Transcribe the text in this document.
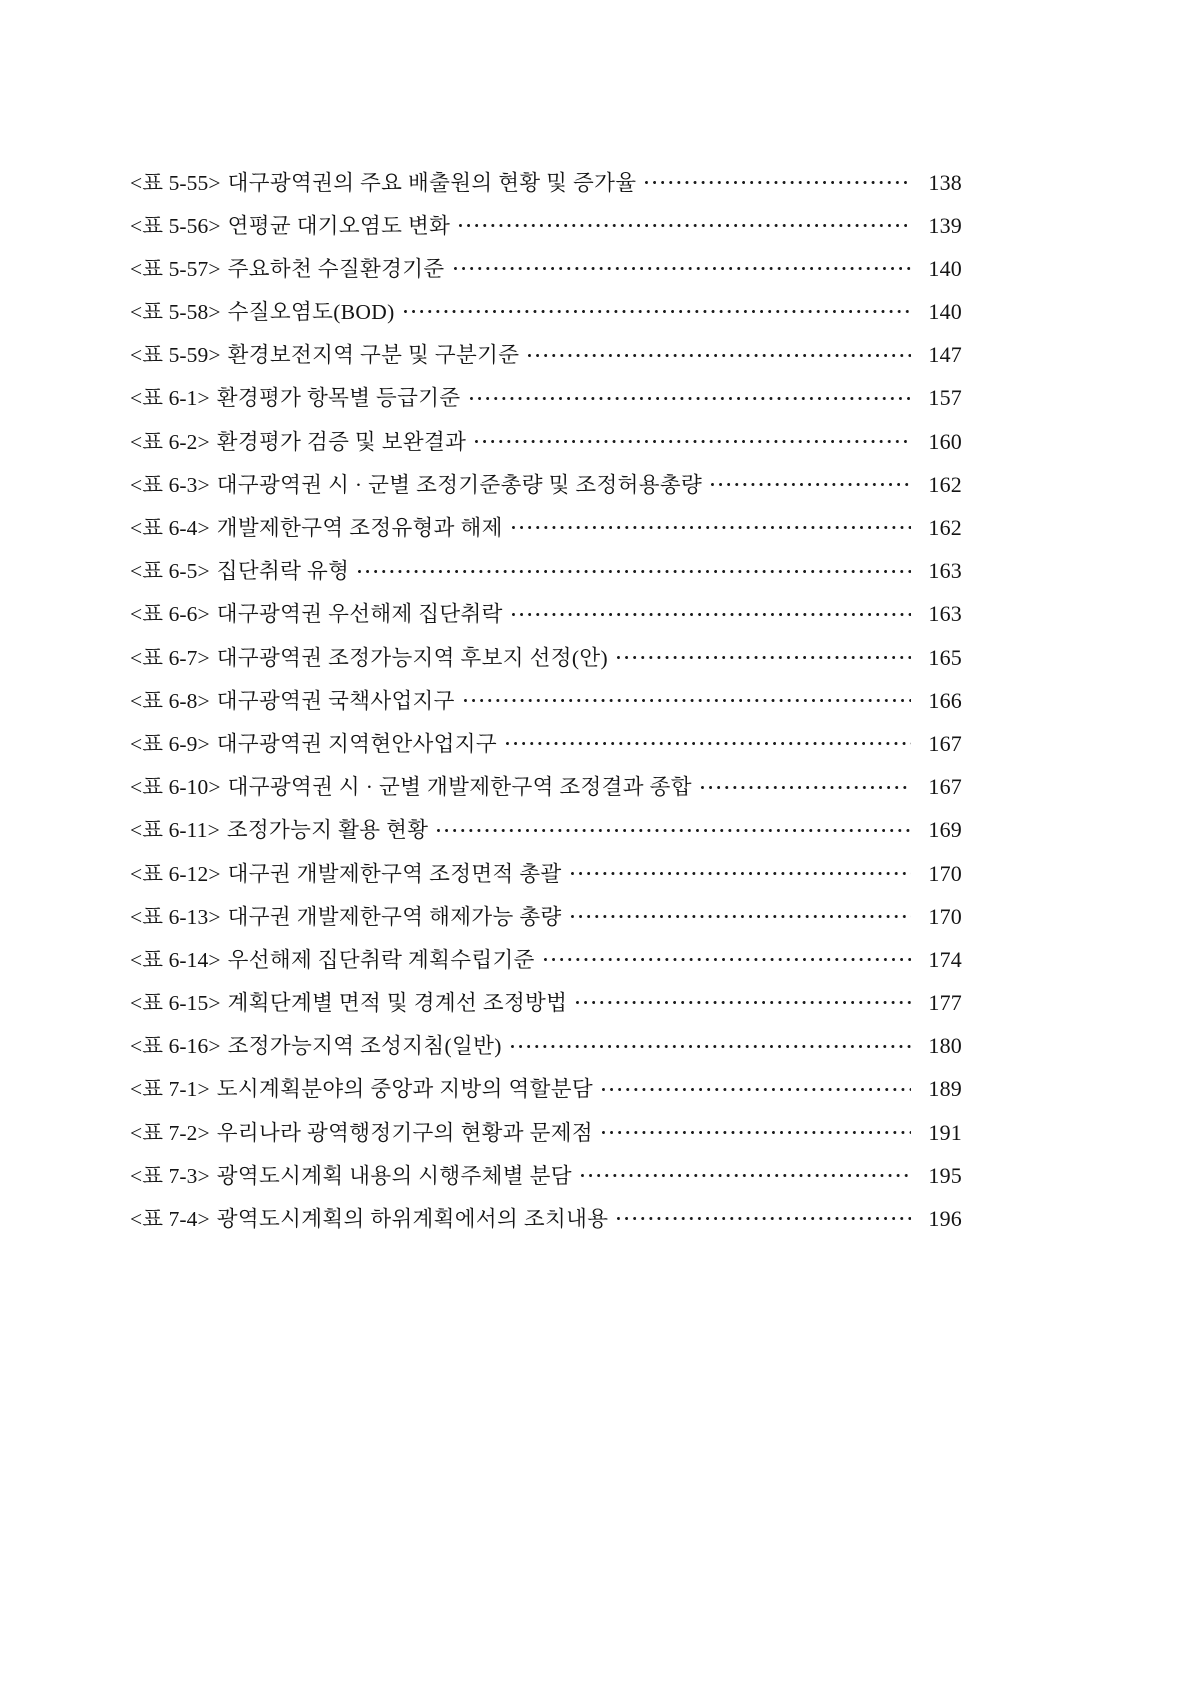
<표 5-55> 대구광역권의 주요 배출원의 현황 및 증가율	138
<표 5-56> 연평균 대기오염도 변화	139
<표 5-57> 주요하천 수질환경기준	140
<표 5-58> 수질오염도(BOD)	140
<표 5-59> 환경보전지역 구분 및 구분기준	147
<표 6-1> 환경평가 항목별 등급기준	157
<표 6-2> 환경평가 검증 및 보완결과	160
<표 6-3> 대구광역권 시 · 군별 조정기준총량 및 조정허용총량	162
<표 6-4> 개발제한구역 조정유형과 해제	162
<표 6-5> 집단취락 유형	163
<표 6-6> 대구광역권 우선해제 집단취락	163
<표 6-7> 대구광역권 조정가능지역 후보지 선정(안)	165
<표 6-8> 대구광역권 국책사업지구	166
<표 6-9> 대구광역권 지역현안사업지구	167
<표 6-10> 대구광역권 시 · 군별 개발제한구역 조정결과 종합	167
<표 6-11> 조정가능지 활용 현황	169
<표 6-12> 대구권 개발제한구역 조정면적 총괄	170
<표 6-13> 대구권 개발제한구역 해제가능 총량	170
<표 6-14> 우선해제 집단취락 계획수립기준	174
<표 6-15> 계획단계별 면적 및 경계선 조정방법	177
<표 6-16> 조정가능지역 조성지침(일반)	180
<표 7-1> 도시계획분야의 중앙과 지방의 역할분담	189
<표 7-2> 우리나라 광역행정기구의 현황과 문제점	191
<표 7-3> 광역도시계획 내용의 시행주체별 분담	195
<표 7-4> 광역도시계획의 하위계획에서의 조치내용	196
